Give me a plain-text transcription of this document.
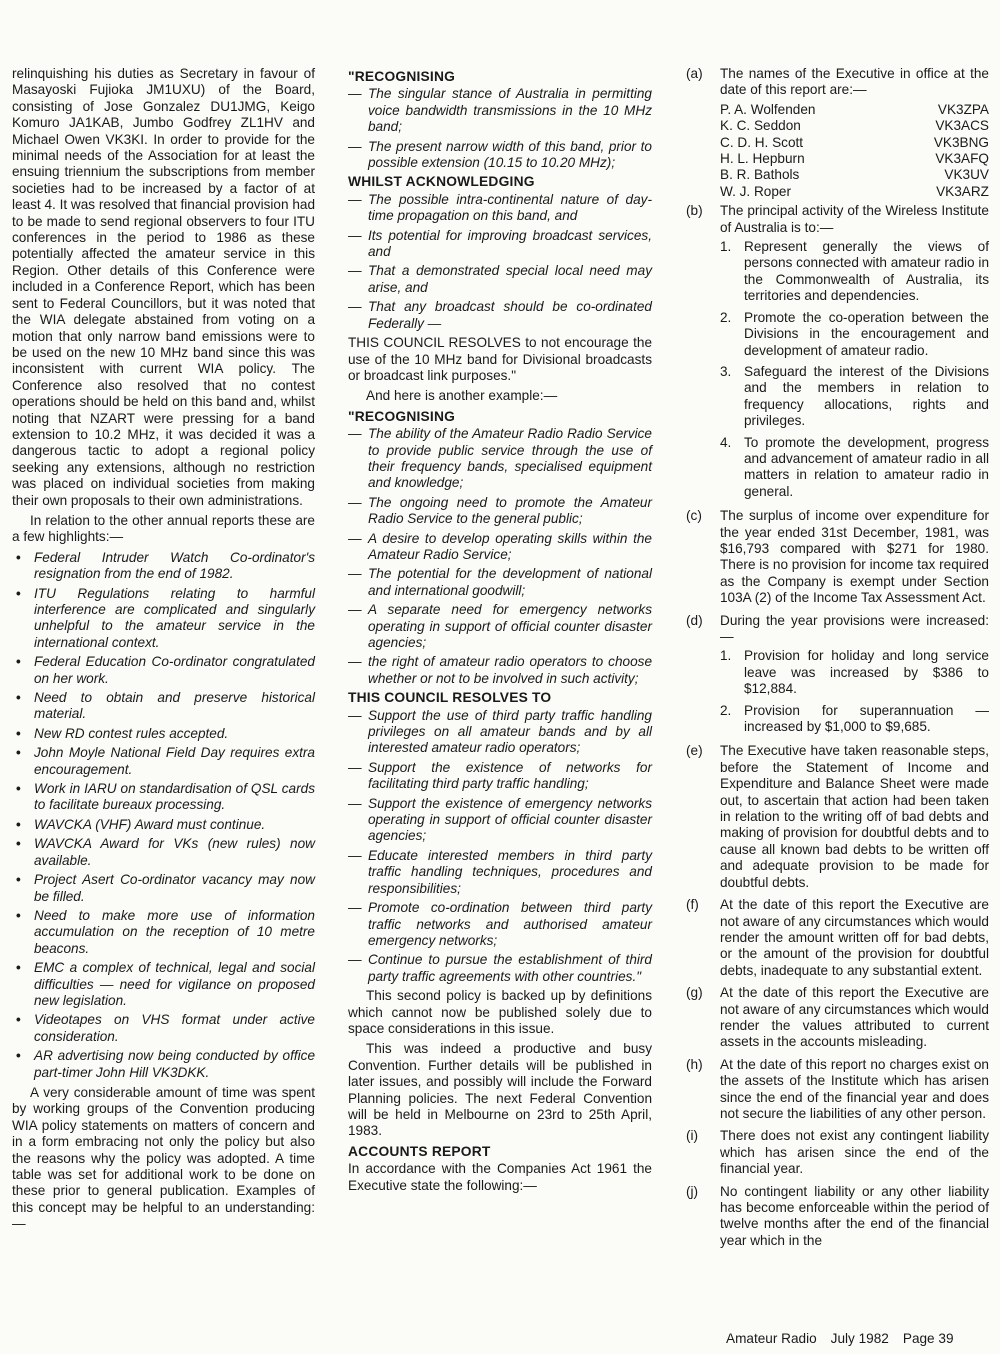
relinquishing his duties as Secretary in favour of Masayoski Fujioka JM1UXU) of the Board, consisting of Jose Gonzalez DU1JMG, Keigo Komuro JA1KAB, Jumbo Godfrey ZL1HV and Michael Owen VK3KI. In order to provide for the minimal needs of the Association for at least the ensuing triennium the subscriptions from member societies had to be increased by a factor of at least 4. It was resolved that financial provision had to be made to send regional observers to four ITU conferences in the period to 1986 as these potentially affected the amateur service in this Region. Other details of this Conference were included in a Conference Report, which has been sent to Federal Councillors, but it was noted that the WIA delegate abstained from voting on a motion that only narrow band emissions were to be used on the new 10 MHz band since this was inconsistent with current WIA policy. The Conference also resolved that no contest operations should be held on this band and, whilst noting that NZART were pressing for a band extension to 10.2 MHz, it was decided it was a dangerous tactic to adopt a regional policy seeking any extensions, although no restriction was placed on individual societies from making their own proposals to their own administrations.

In relation to the other annual reports these are a few highlights:—

• Federal Intruder Watch Co-ordinator's resignation from the end of 1982.
• ITU Regulations relating to harmful interference are complicated and singularly unhelpful to the amateur service in the international context.
• Federal Education Co-ordinator congratulated on her work.
• Need to obtain and preserve historical material.
• New RD contest rules accepted.
• John Moyle National Field Day requires extra encouragement.
• Work in IARU on standardisation of QSL cards to facilitate bureaux processing.
• WAVCKA (VHF) Award must continue.
• WAVCKA Award for VKs (new rules) now available.
• Project Asert Co-ordinator vacancy may now be filled.
• Need to make more use of information accumulation on the reception of 10 metre beacons.
• EMC a complex of technical, legal and social difficulties — need for vigilance on proposed new legislation.
• Videotapes on VHS format under active consideration.
• AR advertising now being conducted by office part-timer John Hill VK3DKK.

A very considerable amount of time was spent by working groups of the Convention producing WIA policy statements on matters of concern and in a form embracing not only the policy but also the reasons why the policy was adopted. A time table was set for additional work to be done on these prior to general publication. Examples of this concept may be helpful to an understanding:—

"RECOGNISING
— The singular stance of Australia in permitting voice bandwidth transmissions in the 10 MHz band;
— The present narrow width of this band, prior to possible extension (10.15 to 10.20 MHz);
WHILST ACKNOWLEDGING
— The possible intra-continental nature of day-time propagation on this band, and
— Its potential for improving broadcast services, and
— That a demonstrated special local need may arise, and
— That any broadcast should be co-ordinated Federally —

THIS COUNCIL RESOLVES to not encourage the use of the 10 MHz band for Divisional broadcasts or broadcast link purposes."

And here is another example:—

"RECOGNISING
— The ability of the Amateur Radio Radio Service to provide public service through the use of their frequency bands, specialised equipment and knowledge;
— The ongoing need to promote the Amateur Radio Service to the general public;
— A desire to develop operating skills within the Amateur Radio Service;
— The potential for the development of national and international goodwill;
— A separate need for emergency networks operating in support of official counter disaster agencies;
— the right of amateur radio operators to choose whether or not to be involved in such activity;
THIS COUNCIL RESOLVES TO
— Support the use of third party traffic handling privileges on all amateur bands and by all interested amateur radio operators;
— Support the existence of networks for facilitating third party traffic handling;
— Support the existence of emergency networks operating in support of official counter disaster agencies;
— Educate interested members in third party traffic handling techniques, procedures and responsibilities;
— Promote co-ordination between third party traffic networks and authorised amateur emergency networks;
— Continue to pursue the establishment of third party traffic agreements with other countries."

This second policy is backed up by definitions which cannot now be published solely due to space considerations in this issue.

This was indeed a productive and busy Convention. Further details will be published in later issues, and possibly will include the Forward Planning policies. The next Federal Convention will be held in Melbourne on 23rd to 25th April, 1983.

ACCOUNTS REPORT

In accordance with the Companies Act 1961 the Executive state the following:—

(a)	The names of the Executive in office at the date of this report are:—

P. A. Wolfenden	VK3ZPA
K. C. Seddon	VK3ACS
C. D. H. Scott	VK3BNG
H. L. Hepburn	VK3AFQ
B. R. Bathols	VK3UV
W. J. Roper	VK3ARZ
(b)	The principal activity of the Wireless Institute of Australia is to:—

1. Represent generally the views of persons connected with amateur radio in the Commonwealth of Australia, its territories and dependencies.
2. Promote the co-operation between the Divisions in the encouragement and development of amateur radio.
3. Safeguard the interest of the Divisions and the members in relation to frequency allocations, rights and privileges.
4. To promote the development, progress and advancement of amateur radio in all matters in relation to amateur radio in general.
(c)	The surplus of income over expenditure for the year ended 31st December, 1981, was $16,793 compared with $271 for 1980. There is no provision for income tax required as the Company is exempt under Section 103A (2) of the Income Tax Assessment Act.

(d)	During the year provisions were increased:—

1. Provision for holiday and long service leave was increased by $386 to $12,884.
2. Provision for superannuation — increased by $1,000 to $9,685.
(e)	The Executive have taken reasonable steps, before the Statement of Income and Expenditure and Balance Sheet were made out, to ascertain that action had been taken in relation to the writing off of bad debts and making of provision for doubtful debts and to cause all known bad debts to be written off and adequate provision to be made for doubtful debts.

(f)	At the date of this report the Executive are not aware of any circumstances which would render the amount written off for bad debts, or the amount of the provision for doubtful debts, inadequate to any substantial extent.

(g)	At the date of this report the Executive are not aware of any circumstances which would render the values attributed to current assets in the accounts misleading.

(h)	At the date of this report no charges exist on the assets of the Institute which has arisen since the end of the financial year and does not secure the liabilities of any other person.

(i)	There does not exist any contingent liability which has arisen since the end of the financial year.

(j)	No contingent liability or any other liability has become enforceable within the period of twelve months after the end of the financial year which in the

Amateur Radio July 1982 Page 39
